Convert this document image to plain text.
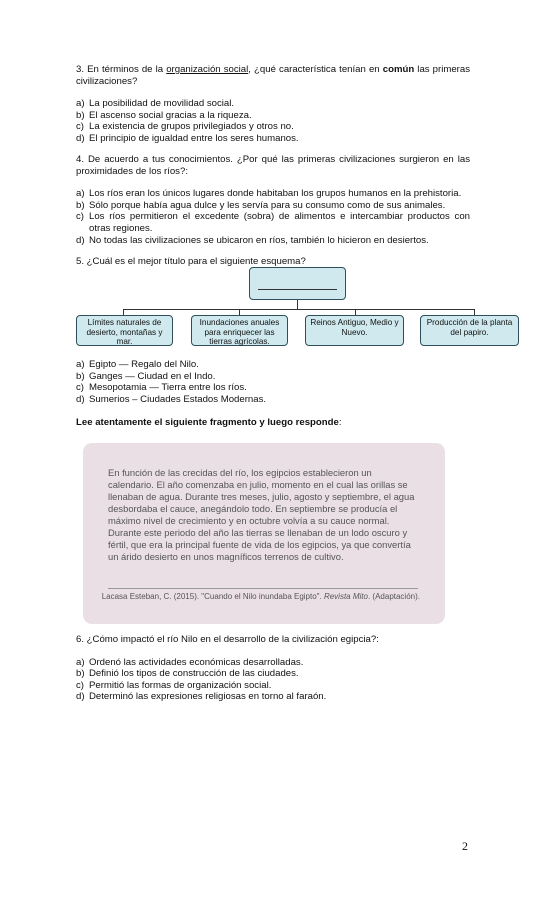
3. En términos de la organización social, ¿qué característica tenían en común las primeras civilizaciones?
a) La posibilidad de movilidad social.
b) El ascenso social gracias a la riqueza.
c) La existencia de grupos privilegiados y otros no.
d) El principio de igualdad entre los seres humanos.
4. De acuerdo a tus conocimientos. ¿Por qué las primeras civilizaciones surgieron en las proximidades de los ríos?:
a) Los ríos eran los únicos lugares donde habitaban los grupos humanos en la prehistoria.
b) Sólo porque había agua dulce y les servía para su consumo como de sus animales.
c) Los ríos permitieron el excedente (sobra) de alimentos e intercambiar productos con otras regiones.
d) No todas las civilizaciones se ubicaron en ríos, también lo hicieron en desiertos.
5. ¿Cuál es el mejor título para el siguiente esquema?
Límites naturales de desierto, montañas y mar.
Inundaciones anuales para enriquecer las tierras agrícolas.
Reinos Antiguo, Medio y Nuevo.
Producción de la planta del papiro.
a) Egipto — Regalo del Nilo.
b) Ganges — Ciudad en el Indo.
c) Mesopotamia — Tierra entre los ríos.
d) Sumerios – Ciudades Estados Modernas.
Lee atentamente el siguiente fragmento y luego responde:
En función de las crecidas del río, los egipcios establecieron un calendario. El año comenzaba en julio, momento en el cual las orillas se llenaban de agua. Durante tres meses, julio, agosto y septiembre, el agua desbordaba el cauce, anegándolo todo. En septiembre se producía el máximo nivel de crecimiento y en octubre volvía a su cauce normal. Durante este periodo del año las tierras se llenaban de un lodo oscuro y fértil, que era la principal fuente de vida de los egipcios, ya que convertía un árido desierto en unos magníficos terrenos de cultivo.
Lacasa Esteban, C. (2015). "Cuando el Nilo inundaba Egipto". Revista Mito. (Adaptación).
6. ¿Cómo impactó el río Nilo en el desarrollo de la civilización egipcia?:
a) Ordenó las actividades económicas desarrolladas.
b) Definió los tipos de construcción de las ciudades.
c) Permitió las formas de organización social.
d) Determinó las expresiones religiosas en torno al faraón.
2
